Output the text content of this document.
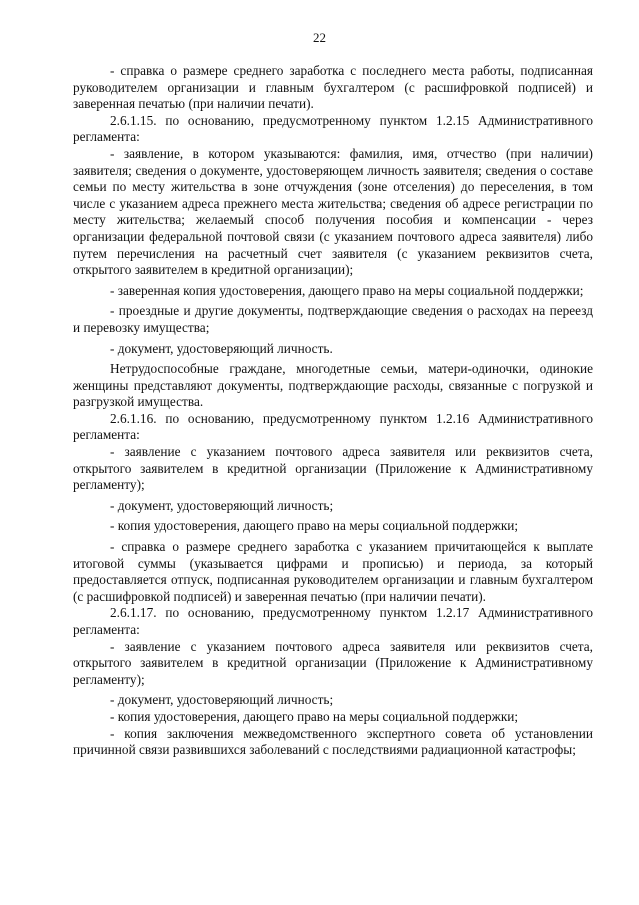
22

- справка о размере среднего заработка с последнего места работы, подписанная руководителем организации и главным бухгалтером (с расшифровкой подписей) и заверенная печатью (при наличии печати).

2.6.1.15. по основанию, предусмотренному пунктом 1.2.15 Административного регламента:

- заявление, в котором указываются: фамилия, имя, отчество (при наличии) заявителя; сведения о документе, удостоверяющем личность заявителя; сведения о составе семьи по месту жительства в зоне отчуждения (зоне отселения) до переселения, в том числе с указанием адреса прежнего места жительства; сведения об адресе регистрации по месту жительства; желаемый способ получения пособия и компенсации - через организации федеральной почтовой связи (с указанием почтового адреса заявителя) либо путем перечисления на расчетный счет заявителя (с указанием реквизитов счета, открытого заявителем в кредитной организации);

- заверенная копия удостоверения, дающего право на меры социальной поддержки;

- проездные и другие документы, подтверждающие сведения о расходах на переезд и перевозку имущества;

- документ, удостоверяющий личность.

Нетрудоспособные граждане, многодетные семьи, матери-одиночки, одинокие женщины представляют документы, подтверждающие расходы, связанные с погрузкой и разгрузкой имущества.

2.6.1.16. по основанию, предусмотренному пунктом 1.2.16 Административного регламента:

- заявление с указанием почтового адреса заявителя или реквизитов счета, открытого заявителем в кредитной организации (Приложение к Административному регламенту);

- документ, удостоверяющий личность;

- копия удостоверения, дающего право на меры социальной поддержки;

- справка о размере среднего заработка с указанием причитающейся к выплате итоговой суммы (указывается цифрами и прописью) и периода, за который предоставляется отпуск, подписанная руководителем организации и главным бухгалтером (с расшифровкой подписей) и заверенная печатью (при наличии печати).

2.6.1.17. по основанию, предусмотренному пунктом 1.2.17 Административного регламента:

- заявление с указанием почтового адреса заявителя или реквизитов счета, открытого заявителем в кредитной организации (Приложение к Административному регламенту);

- документ, удостоверяющий личность;

- копия удостоверения, дающего право на меры социальной поддержки;

- копия заключения межведомственного экспертного совета об установлении причинной связи развившихся заболеваний с последствиями радиационной катастрофы;
